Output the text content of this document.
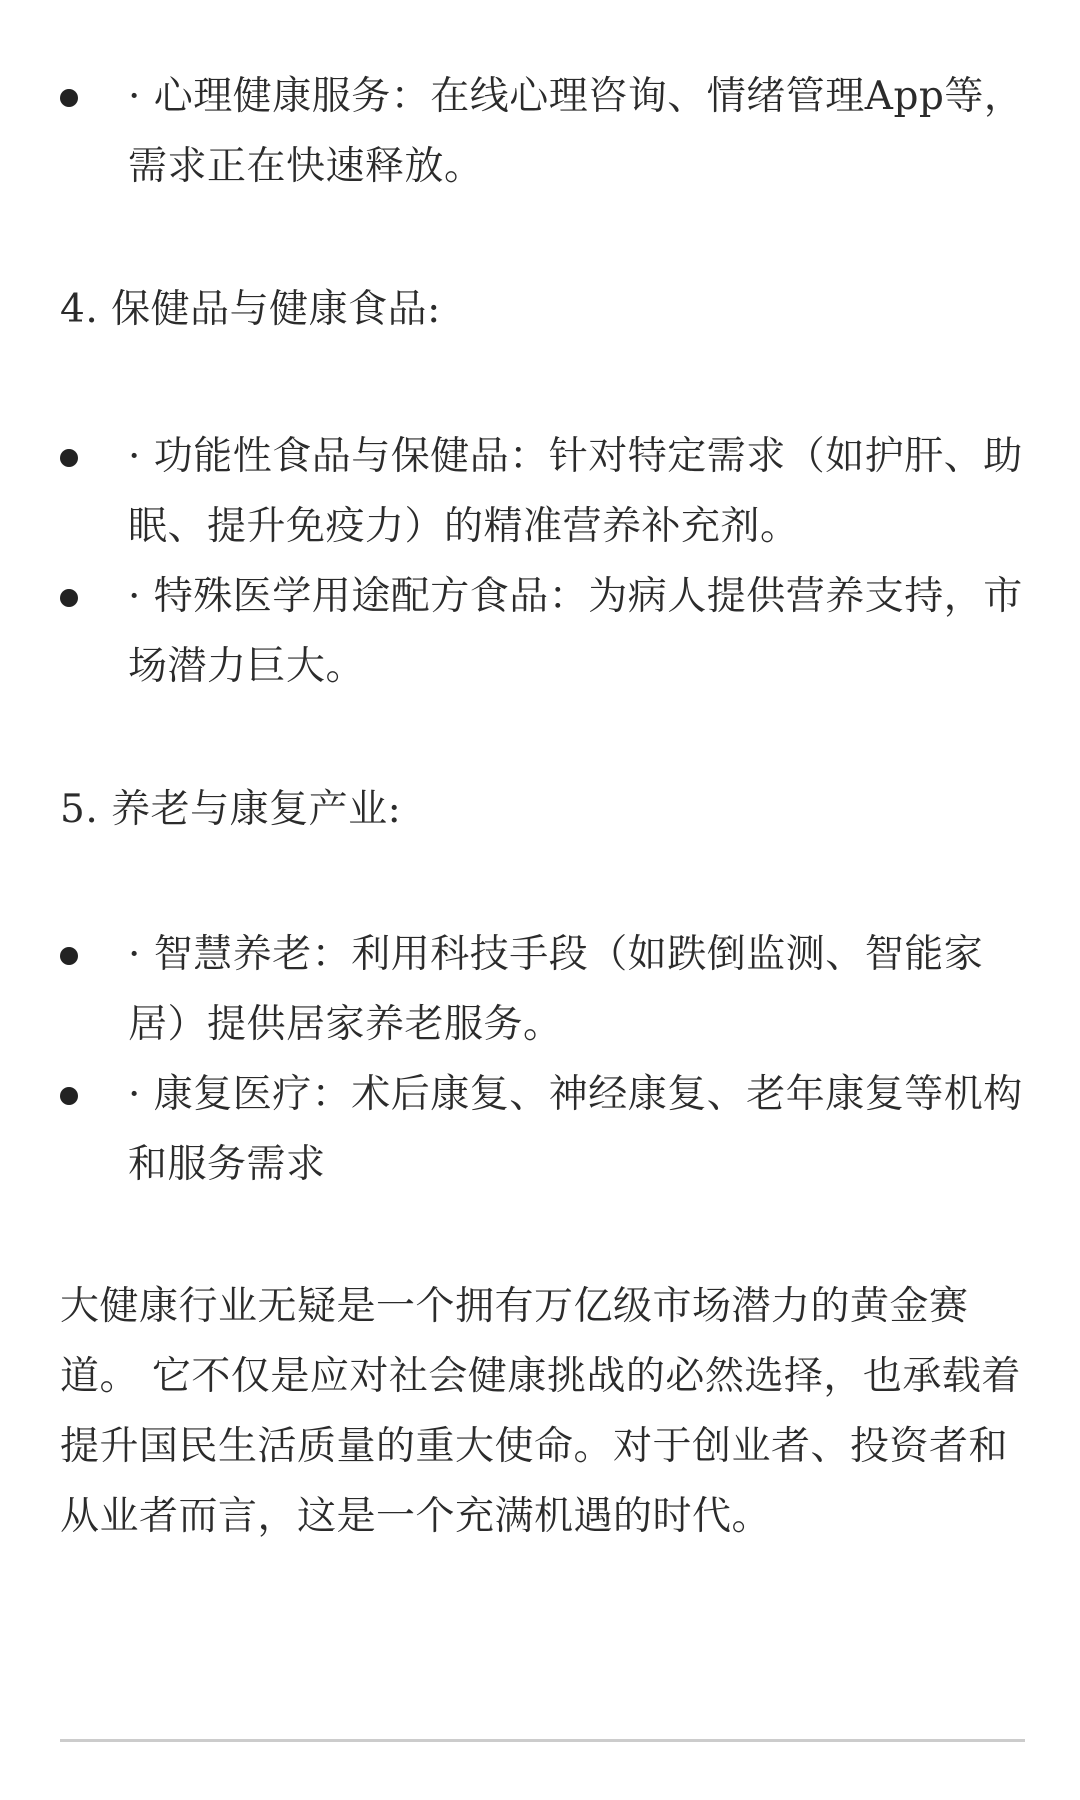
· 心理健康服务：在线心理咨询、情绪管理App等，需求正在快速释放。
4. 保健品与健康食品:
· 功能性食品与保健品：针对特定需求（如护肝、助眠、提升免疫力）的精准营养补充剂。
· 特殊医学用途配方食品：为病人提供营养支持，市场潜力巨大。
5. 养老与康复产业:
· 智慧养老：利用科技手段（如跌倒监测、智能家居）提供居家养老服务。
· 康复医疗：术后康复、神经康复、老年康复等机构和服务需求

大健康行业无疑是一个拥有万亿级市场潜力的黄金赛道。 它不仅是应对社会健康挑战的必然选择，也承载着提升国民生活质量的重大使命。对于创业者、投资者和从业者而言，这是一个充满机遇的时代。
